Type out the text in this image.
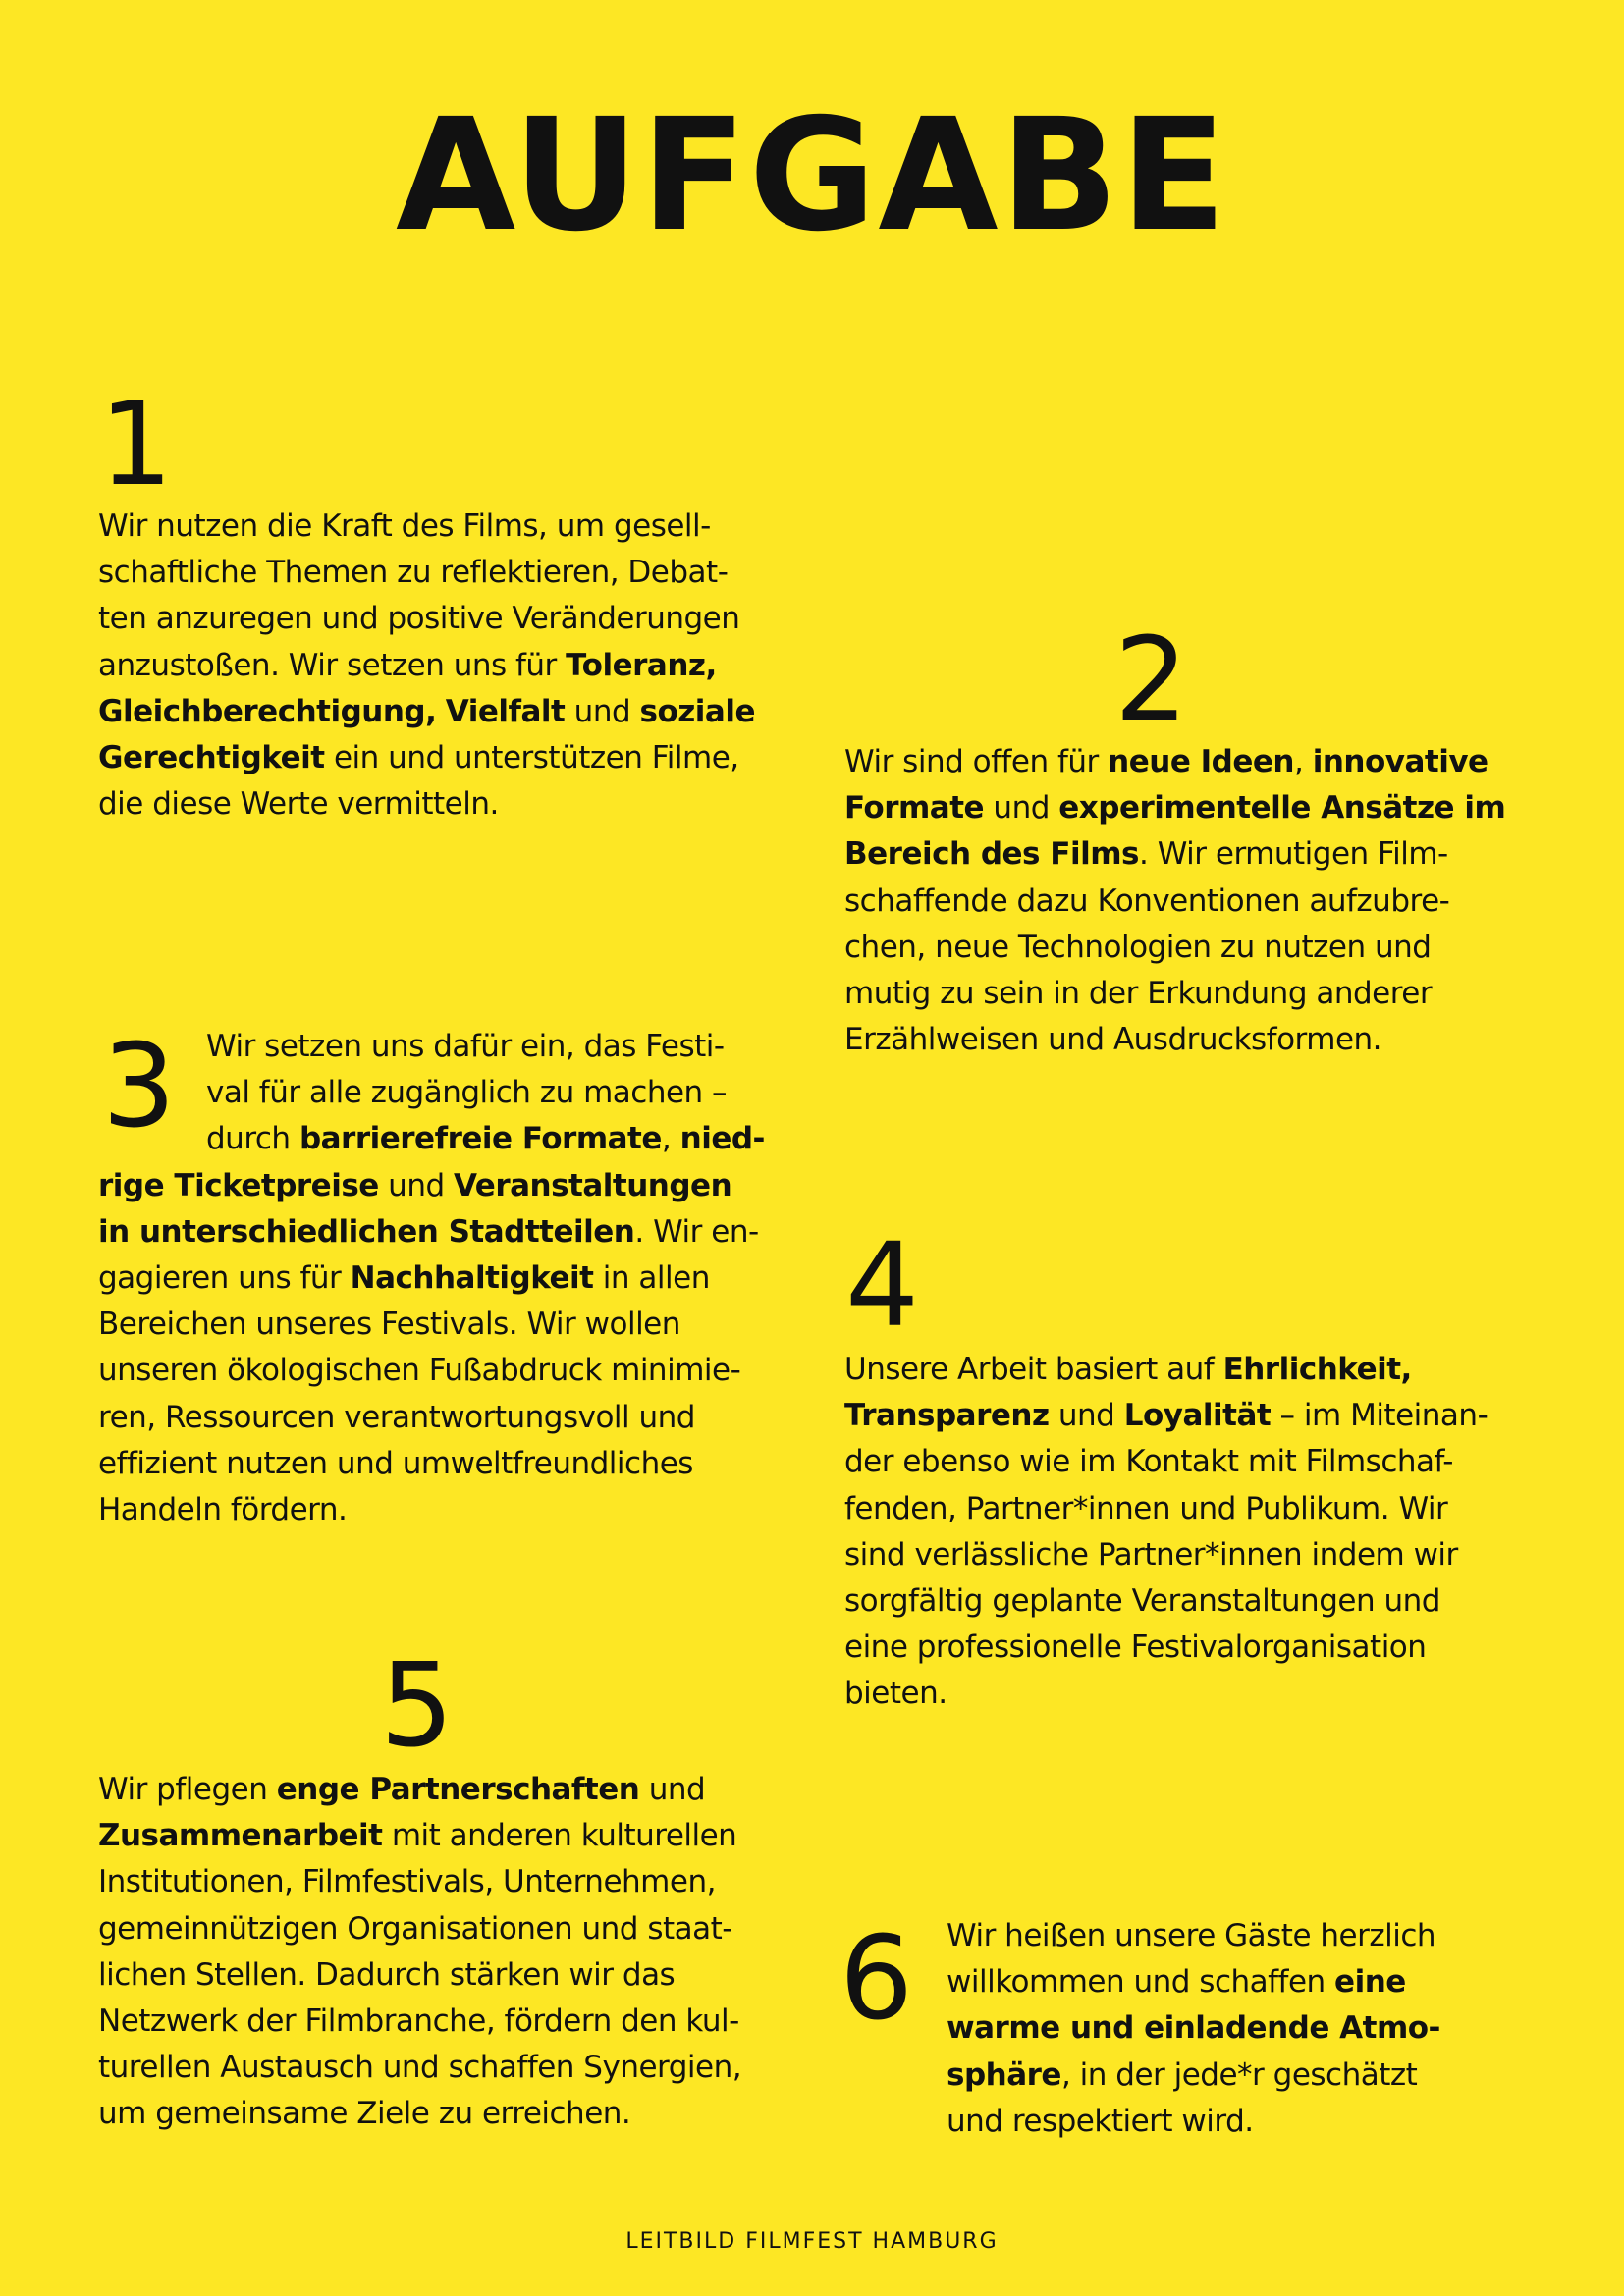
AUFGABE
1

Wir nutzen die Kraft des Films, um gesell-

schaftliche Themen zu reflektieren, Debat-

ten anzuregen und positive Veränderungen

anzustoßen. Wir setzen uns für Toleranz,

Gleichberechtigung, Vielfalt und soziale

Gerechtigkeit ein und unterstützen Filme,

die diese Werte vermitteln.

2

Wir sind offen für neue Ideen, innovative

Formate und experimentelle Ansätze im

Bereich des Films. Wir ermutigen Film-

schaffende dazu Konventionen aufzubre-

chen, neue Technologien zu nutzen und

mutig zu sein in der Erkundung anderer

Erzählweisen und Ausdrucksformen.

3 Wir setzen uns dafür ein, das Festi-

val für alle zugänglich zu machen –

durch barrierefreie Formate, nied-

rige Ticketpreise und Veranstaltungen

in unterschiedlichen Stadtteilen. Wir en-

gagieren uns für Nachhaltigkeit in allen

Bereichen unseres Festivals. Wir wollen

unseren ökologischen Fußabdruck minimie-

ren, Ressourcen verantwortungsvoll und

effizient nutzen und umweltfreundliches

Handeln fördern.

4

Unsere Arbeit basiert auf Ehrlichkeit,

Transparenz und Loyalität – im Miteinan-

der ebenso wie im Kontakt mit Filmschaf-

fenden, Partner*innen und Publikum. Wir

sind verlässliche Partner*innen indem wir

sorgfältig geplante Veranstaltungen und

eine professionelle Festivalorganisation

bieten.

5

Wir pflegen enge Partnerschaften und

Zusammenarbeit mit anderen kulturellen

Institutionen, Filmfestivals, Unternehmen,

gemeinnützigen Organisationen und staat-

lichen Stellen. Dadurch stärken wir das

Netzwerk der Filmbranche, fördern den kul-

turellen Austausch und schaffen Synergien,

um gemeinsame Ziele zu erreichen.

6 Wir heißen unsere Gäste herzlich

willkommen und schaffen eine

warme und einladende Atmo-

sphäre, in der jede*r geschätzt

und respektiert wird.

LEITBILD FILMFEST HAMBURG
